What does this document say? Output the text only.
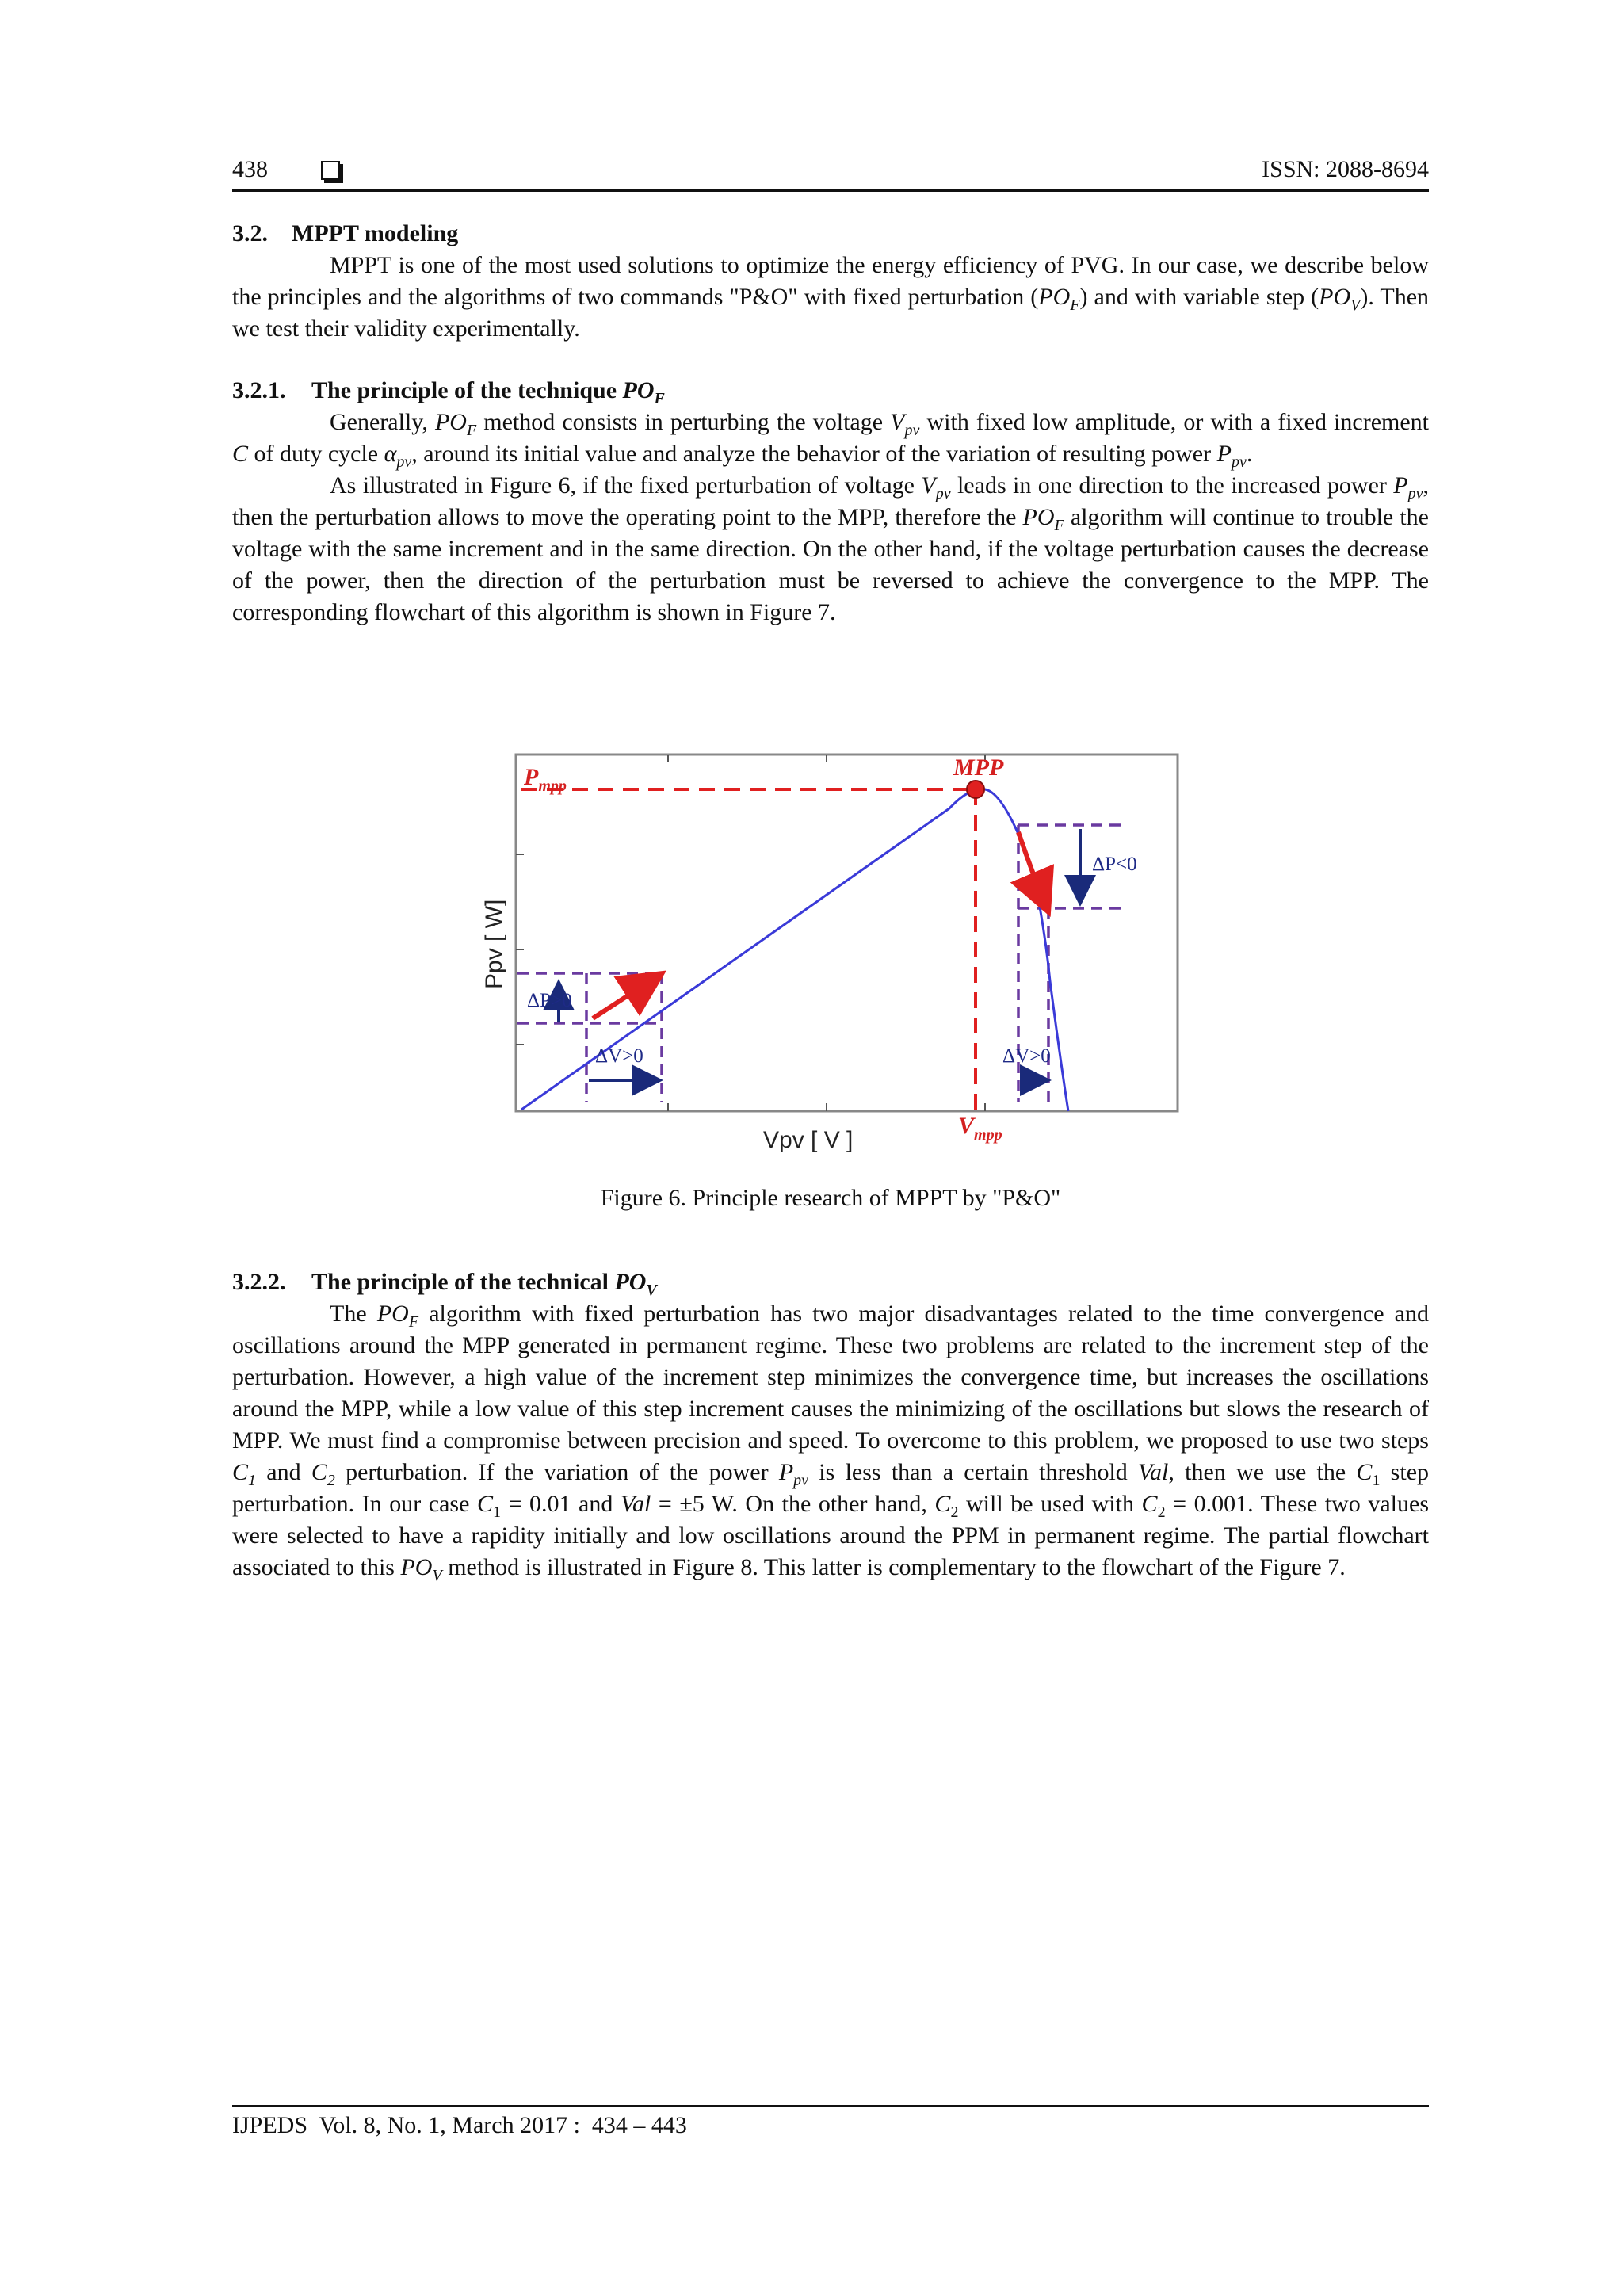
438	ISSN: 2088-8694
3.2. MPPT modeling

MPPT is one of the most used solutions to optimize the energy efficiency of PVG. In our case, we describe below the principles and the algorithms of two commands "P&O" with fixed perturbation $(PO_F)$ and with variable step $(PO_V)$. Then we test their validity experimentally.

3.2.1. The principle of the technique $PO_F$

Generally, $PO_F$ method consists in perturbing the voltage $V_{pv}$ with fixed low amplitude, or with a fixed increment C of duty cycle $\alpha_{pv}$, around its initial value and analyze the behavior of the variation of resulting power $P_{pv}$.

As illustrated in Figure 6, if the fixed perturbation of voltage $V_{pv}$ leads in one direction to the increased power $P_{pv}$, then the perturbation allows to move the operating point to the MPP, therefore the $PO_F$ algorithm will continue to trouble the voltage with the same increment and in the same direction. On the other hand, if the voltage perturbation causes the decrease of the power, then the direction of the perturbation must be reversed to achieve the convergence to the MPP. The corresponding flowchart of this algorithm is shown in Figure 7.

$P_{mpp}$
MPP
$V_{mpp}$
ΔP>0
ΔV>0
ΔP<0
ΔV>0
Vpv [ V ]
Ppv [ W]
Figure 6. Principle research of MPPT by "P&O"
3.2.2. The principle of the technical $PO_V$

The $PO_F$ algorithm with fixed perturbation has two major disadvantages related to the time convergence and oscillations around the MPP generated in permanent regime. These two problems are related to the increment step of the perturbation. However, a high value of the increment step minimizes the convergence time, but increases the oscillations around the MPP, while a low value of this step increment causes the minimizing of the oscillations but slows the research of MPP. We must find a compromise between precision and speed. To overcome to this problem, we proposed to use two steps $C_1$ and $C_2$ perturbation. If the variation of the power $P_{pv}$ is less than a certain threshold Val, then we use the $C_1$ step perturbation. In our case $C_1 = 0.01$ and Val = ±5 W. On the other hand, $C_2$ will be used with $C_2 = 0.001$. These two values were selected to have a rapidity initially and low oscillations around the PPM in permanent regime. The partial flowchart associated to this $PO_V$ method is illustrated in Figure 8. This latter is complementary to the flowchart of the Figure 7.

IJPEDS  Vol. 8, No. 1, March 2017 :  434 – 443
